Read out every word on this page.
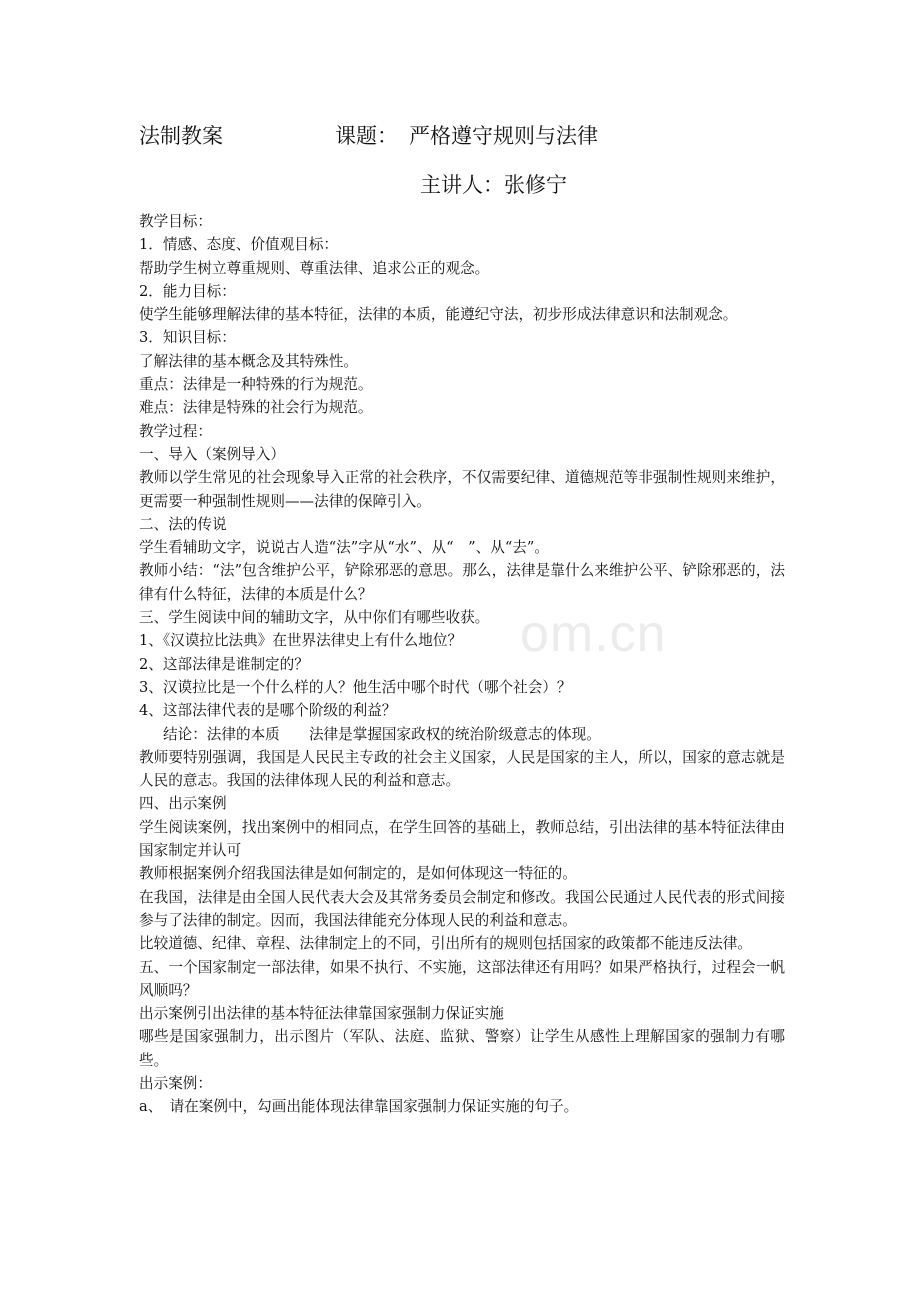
om.cn
法制教案	课题： 严格遵守规则与法律
主讲人：张修宁

教学目标：

1．情感、态度、价值观目标：

帮助学生树立尊重规则、尊重法律、追求公正的观念。

2．能力目标：

使学生能够理解法律的基本特征，法律的本质，能遵纪守法，初步形成法律意识和法制观念。

3．知识目标：

了解法律的基本概念及其特殊性。

重点：法律是一种特殊的行为规范。

难点：法律是特殊的社会行为规范。

教学过程：

一、导入（案例导入）

教师以学生常见的社会现象导入正常的社会秩序，不仅需要纪律、道德规范等非强制性规则来维护，更需要一种强制性规则——法律的保障引入。

二、法的传说

学生看辅助文字，说说古人造“法”字从“水”、从“　”、从“去”。

教师小结：“法”包含维护公平，铲除邪恶的意思。那么，法律是靠什么来维护公平、铲除邪恶的，法律有什么特征，法律的本质是什么？

三、学生阅读中间的辅助文字，从中你们有哪些收获。

1、《汉谟拉比法典》在世界法律史上有什么地位？

2、这部法律是谁制定的？

3、汉谟拉比是一个什么样的人？他生活中哪个时代（哪个社会）？

4、这部法律代表的是哪个阶级的利益？

结论：法律的本质　　法律是掌握国家政权的统治阶级意志的体现。

教师要特别强调，我国是人民民主专政的社会主义国家，人民是国家的主人，所以，国家的意志就是人民的意志。我国的法律体现人民的利益和意志。

四、出示案例

学生阅读案例，找出案例中的相同点，在学生回答的基础上，教师总结，引出法律的基本特征法律由国家制定并认可

教师根据案例介绍我国法律是如何制定的，是如何体现这一特征的。

在我国，法律是由全国人民代表大会及其常务委员会制定和修改。我国公民通过人民代表的形式间接参与了法律的制定。因而，我国法律能充分体现人民的利益和意志。

比较道德、纪律、章程、法律制定上的不同，引出所有的规则包括国家的政策都不能违反法律。

五、一个国家制定一部法律，如果不执行、不实施，这部法律还有用吗？如果严格执行，过程会一帆风顺吗？

出示案例引出法律的基本特征法律靠国家强制力保证实施

哪些是国家强制力，出示图片（军队、法庭、监狱、警察）让学生从感性上理解国家的强制力有哪些。

出示案例：

a、　请在案例中，勾画出能体现法律靠国家强制力保证实施的句子。
